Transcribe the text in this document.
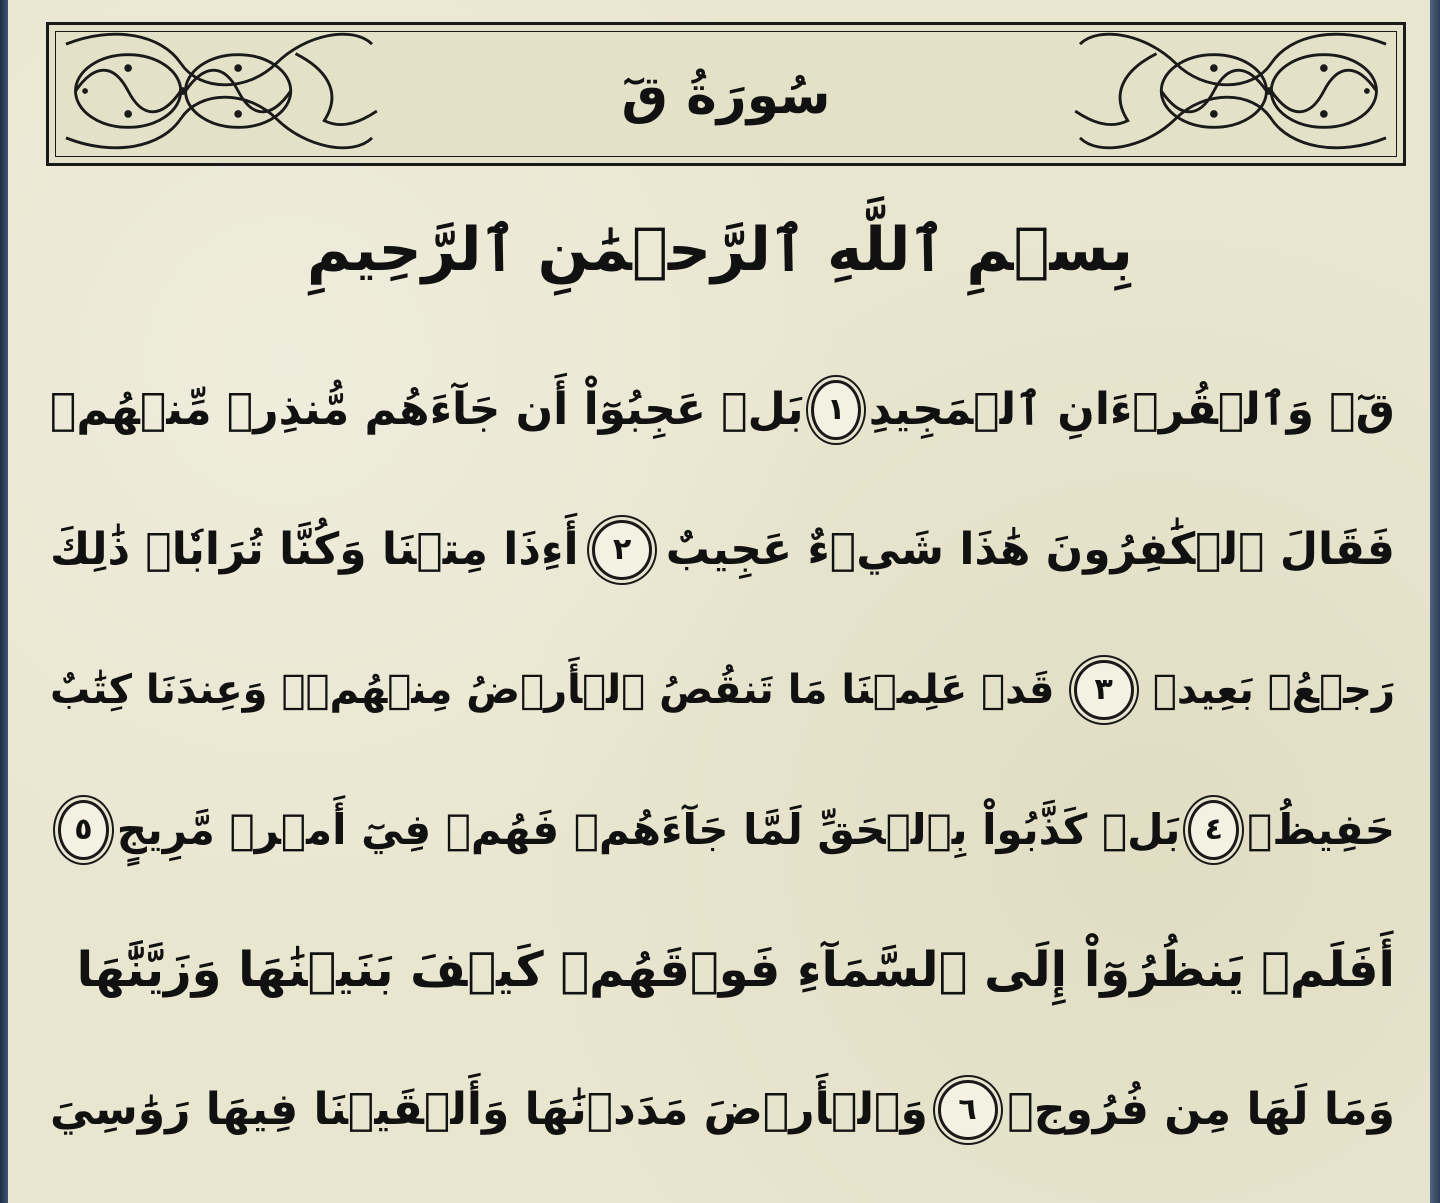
سُورَةُ قٓ
بِسۡمِ ٱللَّهِ ٱلرَّحۡمَٰنِ ٱلرَّحِيمِ
قٓۚ وَٱلۡقُرۡءَانِ ٱلۡمَجِيدِ
١
بَلۡ عَجِبُوٓاْ أَن جَآءَهُم مُّنذِرٞ مِّنۡهُمۡ
فَقَالَ ٱلۡكَٰفِرُونَ هَٰذَا شَيۡءٌ عَجِيبٌ
٢
أَءِذَا مِتۡنَا وَكُنَّا تُرَابٗاۖ ذَٰلِكَ
رَجۡعُۢ بَعِيدٞ
٣
قَدۡ عَلِمۡنَا مَا تَنقُصُ ٱلۡأَرۡضُ مِنۡهُمۡۖ وَعِندَنَا كِتَٰبٌ
حَفِيظُۢ
٤
بَلۡ كَذَّبُواْ بِٱلۡحَقِّ لَمَّا جَآءَهُمۡ فَهُمۡ فِيٓ أَمۡرٖ مَّرِيجٍ
٥
أَفَلَمۡ يَنظُرُوٓاْ إِلَى ٱلسَّمَآءِ فَوۡقَهُمۡ كَيۡفَ بَنَيۡنَٰهَا وَزَيَّنَّٰهَا
وَمَا لَهَا مِن فُرُوجٖ
٦
وَٱلۡأَرۡضَ مَدَدۡنَٰهَا وَأَلۡقَيۡنَا فِيهَا رَوَٰسِيَ
